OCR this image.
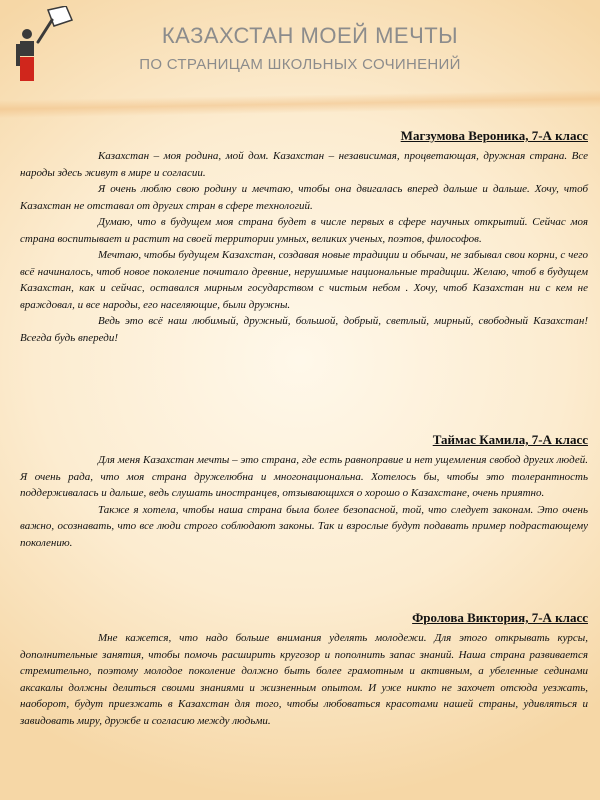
КАЗАХСТАН МОЕЙ МЕЧТЫ
ПО СТРАНИЦАМ ШКОЛЬНЫХ СОЧИНЕНИЙ

Магзумова Вероника, 7-А класс

Казахстан – моя родина, мой дом. Казахстан – независимая, процветающая, дружная страна. Все народы здесь живут в мире и согласии.

Я очень люблю свою родину и мечтаю, чтобы она двигалась вперед дальше и дальше. Хочу, чтоб Казахстан не отставал от других стран в сфере технологий.

Думаю, что в будущем моя страна будет в числе первых в сфере научных открытий. Сейчас моя страна воспитывает и растит на своей территории умных, великих ученых, поэтов, философов.

Мечтаю, чтобы будущем Казахстан, создавая новые традиции и обычаи, не забывал свои корни, с чего всё начиналось, чтоб новое поколение почитало древние, нерушимые национальные традиции. Желаю, чтоб в будущем Казахстан, как и сейчас, оставался мирным государством с чистым небом . Хочу, чтоб Казахстан ни с кем не враждовал, и все народы, его населяющие, были дружны.

Ведь это всё наш любимый, дружный, большой, добрый, светлый, мирный, свободный Казахстан! Всегда будь впереди!

Таймас Камила, 7-А класс

Для меня Казахстан мечты – это страна, где есть равноправие и нет ущемления свобод других людей. Я очень рада, что моя страна дружелюбна и многонациональна. Хотелось бы, чтобы это толерантность поддерживалась и дальше, ведь слушать иностранцев, отзывающихся о хорошо о Казахстане, очень приятно.

Также я хотела, чтобы наша страна была более безопасной, той, что следует законам. Это очень важно, осознавать, что все люди строго соблюдают законы. Так и взрослые будут подавать пример подрастающему поколению.

Фролова Виктория, 7-А класс

Мне кажется, что надо больше внимания уделять молодежи. Для этого открывать курсы, дополнительные занятия, чтобы помочь расширить кругозор и пополнить запас знаний. Наша страна развивается стремительно, поэтому молодое поколение должно быть более грамотным и активным, а убеленные сединами аксакалы должны делиться своими знаниями и жизненным опытом. И уже никто не захочет отсюда уезжать, наоборот, будут приезжать в Казахстан для того, чтобы любоваться красотами нашей страны, удивляться и завидовать миру, дружбе и согласию между людьми.
